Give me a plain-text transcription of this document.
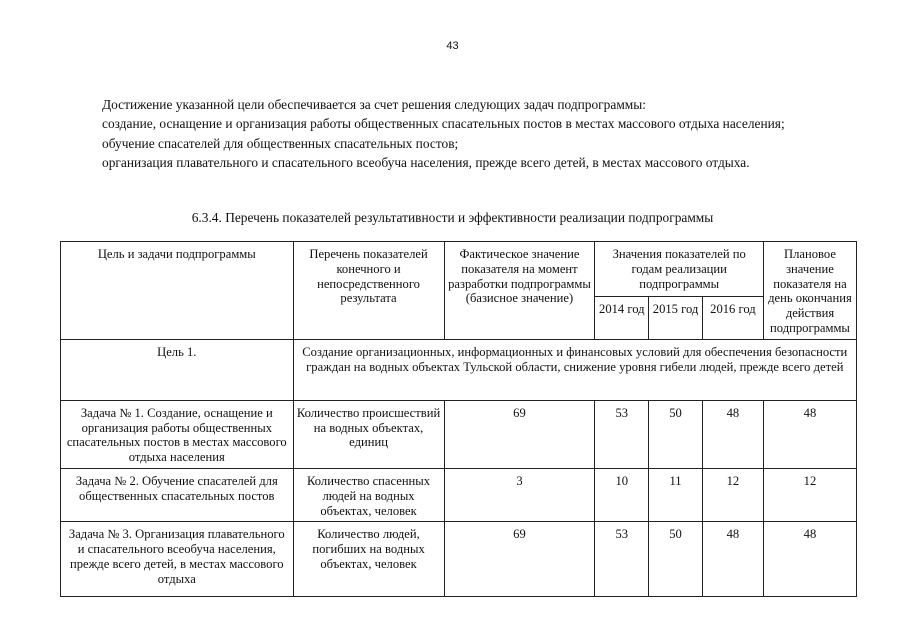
43

Достижение указанной цели обеспечивается за счет решения следующих задач подпрограммы:

создание, оснащение и организация работы общественных спасательных постов в местах массового отдыха населения;

обучение спасателей для общественных спасательных постов;

организация плавательного и спасательного всеобуча населения, прежде всего детей, в местах массового отдыха.

6.3.4. Перечень показателей результативности и эффективности реализации подпрограммы
Цель и задачи подпрограммы	Перечень показателей конечного и непосредственного результата	Фактическое значение показателя на момент разработки подпрограммы (базисное значение)	Значения показателей по годам реализации подпрограммы			Плановое значение показателя на день окончания действия подпрограммы
			2014 год	2015 год	2016 год	
Цель 1.	Создание организационных, информационных и финансовых условий для обеспечения безопасности граждан на водных объектах Тульской области, снижение уровня гибели людей, прежде всего детей					
Задача № 1. Создание, оснащение и организация работы общественных спасательных постов в местах массового отдыха населения	Количество происшествий на водных объектах, единиц	69	53	50	48	48
Задача № 2. Обучение спасателей для общественных спасательных постов	Количество спасенных людей на водных объектах, человек	3	10	11	12	12
Задача № 3. Организация плавательного и спасательного всеобуча населения, прежде всего детей, в местах массового отдыха	Количество людей, погибших на водных объектах, человек	69	53	50	48	48
